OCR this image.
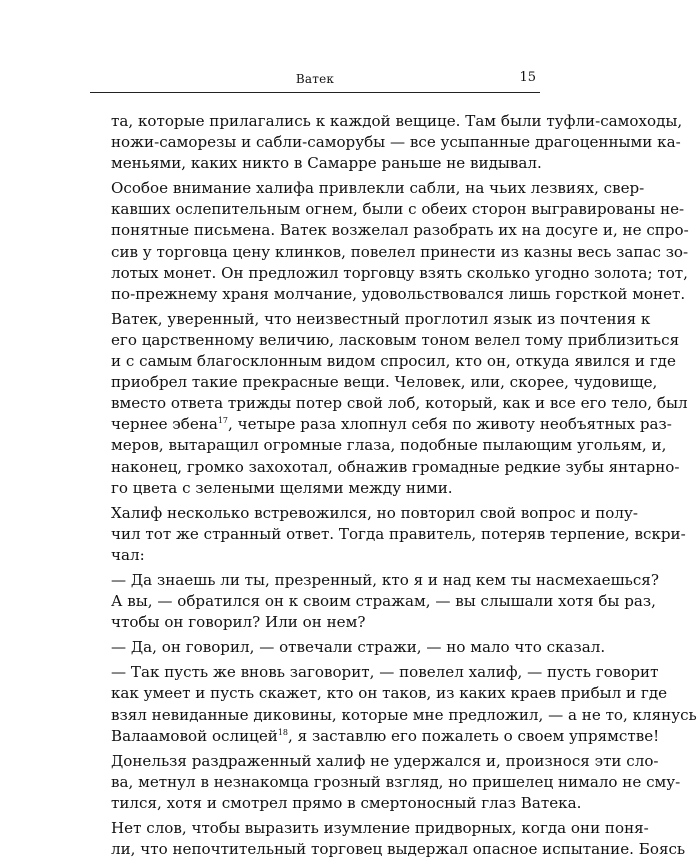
Ватек	15

та, которые прилагались к каждой вещице. Там были туфли-самоходы,
ножи-саморезы и сабли-саморубы — все усыпанные драгоценными ка-
меньями, каких никто в Самарре раньше не видывал.

Особое внимание халифа привлекли сабли, на чьих лезвиях, свер-
кавших ослепительным огнем, были с обеих сторон выгравированы не-
понятные письмена. Ватек возжелал разобрать их на досуге и, не спро-
сив у торговца цену клинков, повелел принести из казны весь запас зо-
лотых монет. Он предложил торговцу взять сколько угодно золота; тот,
по-прежнему храня молчание, удовольствовался лишь горсткой монет.

Ватек, уверенный, что неизвестный проглотил язык из почтения к
его царственному величию, ласковым тоном велел тому приблизиться
и с самым благосклонным видом спросил, кто он, откуда явился и где
приобрел такие прекрасные вещи. Человек, или, скорее, чудовище,
вместо ответа трижды потер свой лоб, который, как и все его тело, был
чернее эбена$^{17}$, четыре раза хлопнул себя по животу необъятных раз-
меров, вытаращил огромные глаза, подобные пылающим угольям, и,
наконец, громко захохотал, обнажив громадные редкие зубы янтарно-
го цвета с зелеными щелями между ними.

Халиф несколько встревожился, но повторил свой вопрос и полу-
чил тот же странный ответ. Тогда правитель, потеряв терпение, вскри-
чал:

— Да знаешь ли ты, презренный, кто я и над кем ты насмехаешься?
А вы, — обратился он к своим стражам, — вы слышали хотя бы раз,
чтобы он говорил? Или он нем?

— Да, он говорил, — отвечали стражи, — но мало что сказал.

— Так пусть же вновь заговорит, — повелел халиф, — пусть говорит
как умеет и пусть скажет, кто он таков, из каких краев прибыл и где
взял невиданные диковины, которые мне предложил, — а не то, клянусь
Валаамовой ослицей$^{18}$, я заставлю его пожалеть о своем упрямстве!

Донельзя раздраженный халиф не удержался и, произнося эти сло-
ва, метнул в незнакомца грозный взгляд, но пришелец нимало не сму-
тился, хотя и смотрел прямо в смертоносный глаз Ватека.

Нет слов, чтобы выразить изумление придворных, когда они поня-
ли, что непочтительный торговец выдержал опасное испытание. Боясь
